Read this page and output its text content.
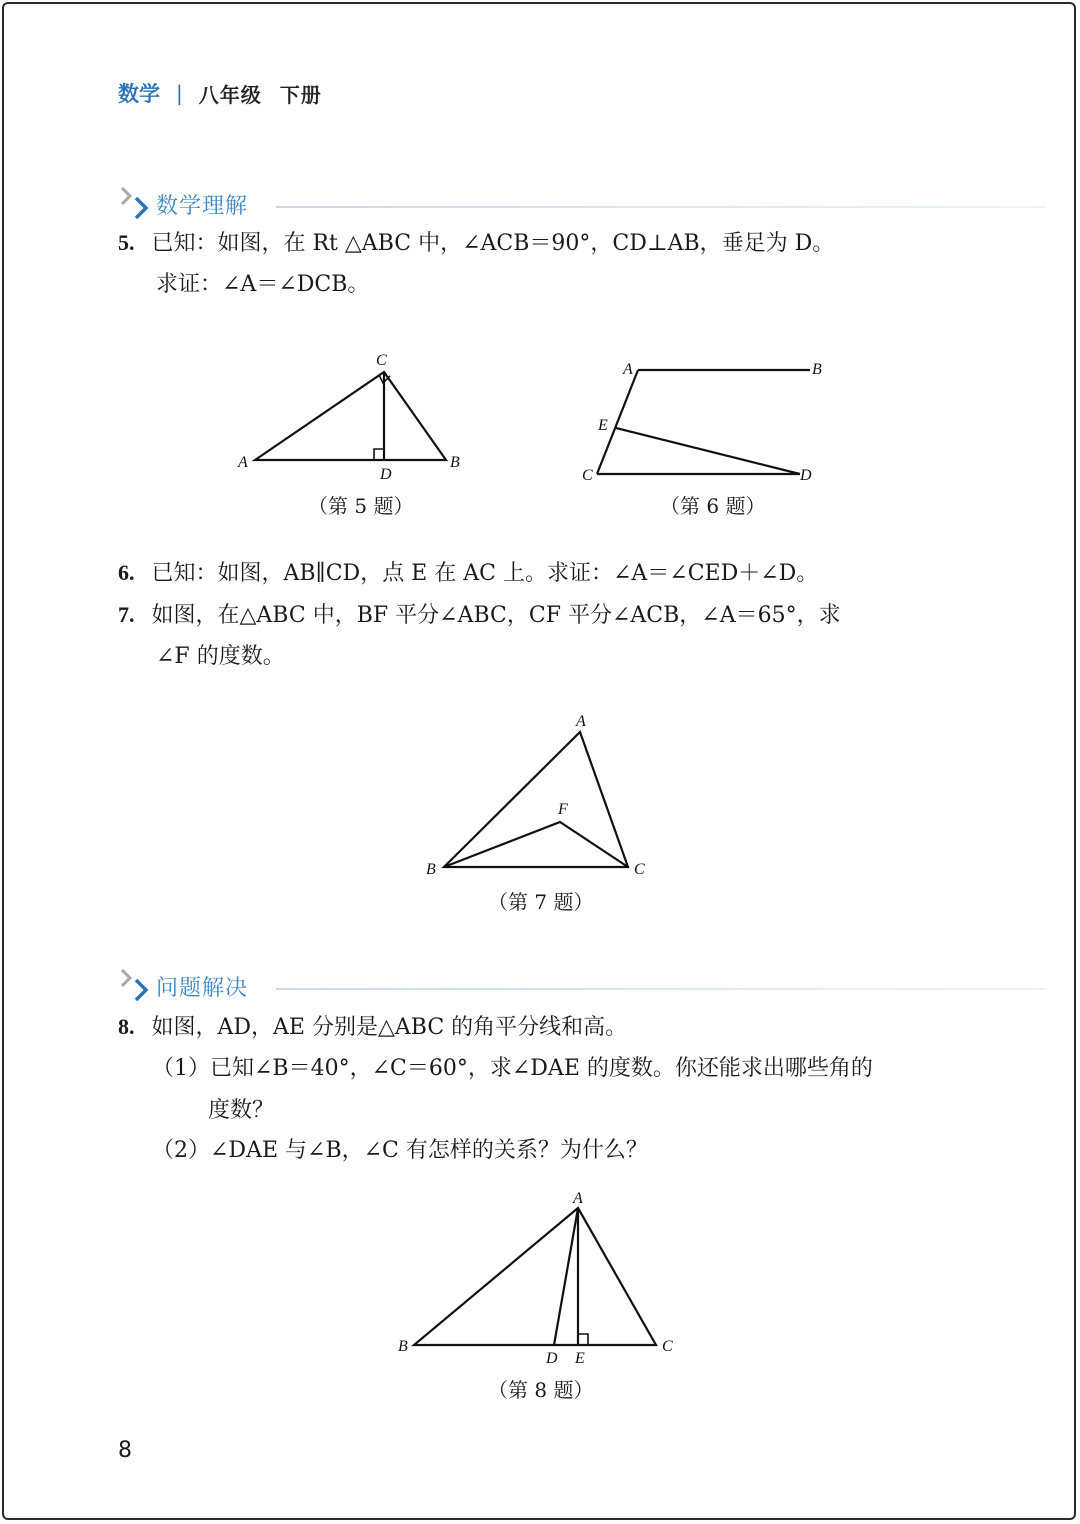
数学 | 八年级 下册
数学理解
5. 已知：如图，在 Rt △ABC 中，∠ACB＝90°，CD⊥AB，垂足为 D。
求证：∠A＝∠DCB。
C
A	B
D
（第 5 题）
A	B
E
C	D
（第 6 题）
6. 已知：如图，AB∥CD，点 E 在 AC 上。求证：∠A＝∠CED＋∠D。
7. 如图，在△ABC 中，BF 平分∠ABC，CF 平分∠ACB，∠A＝65°，求
∠F 的度数。
A
F
B	C
（第 7 题）
问题解决
8. 如图，AD，AE 分别是△ABC 的角平分线和高。
（1）已知∠B＝40°，∠C＝60°，求∠DAE 的度数。你还能求出哪些角的
度数？
（2）∠DAE 与∠B，∠C 有怎样的关系？为什么？
A
B	C
D E
（第 8 题）
8
